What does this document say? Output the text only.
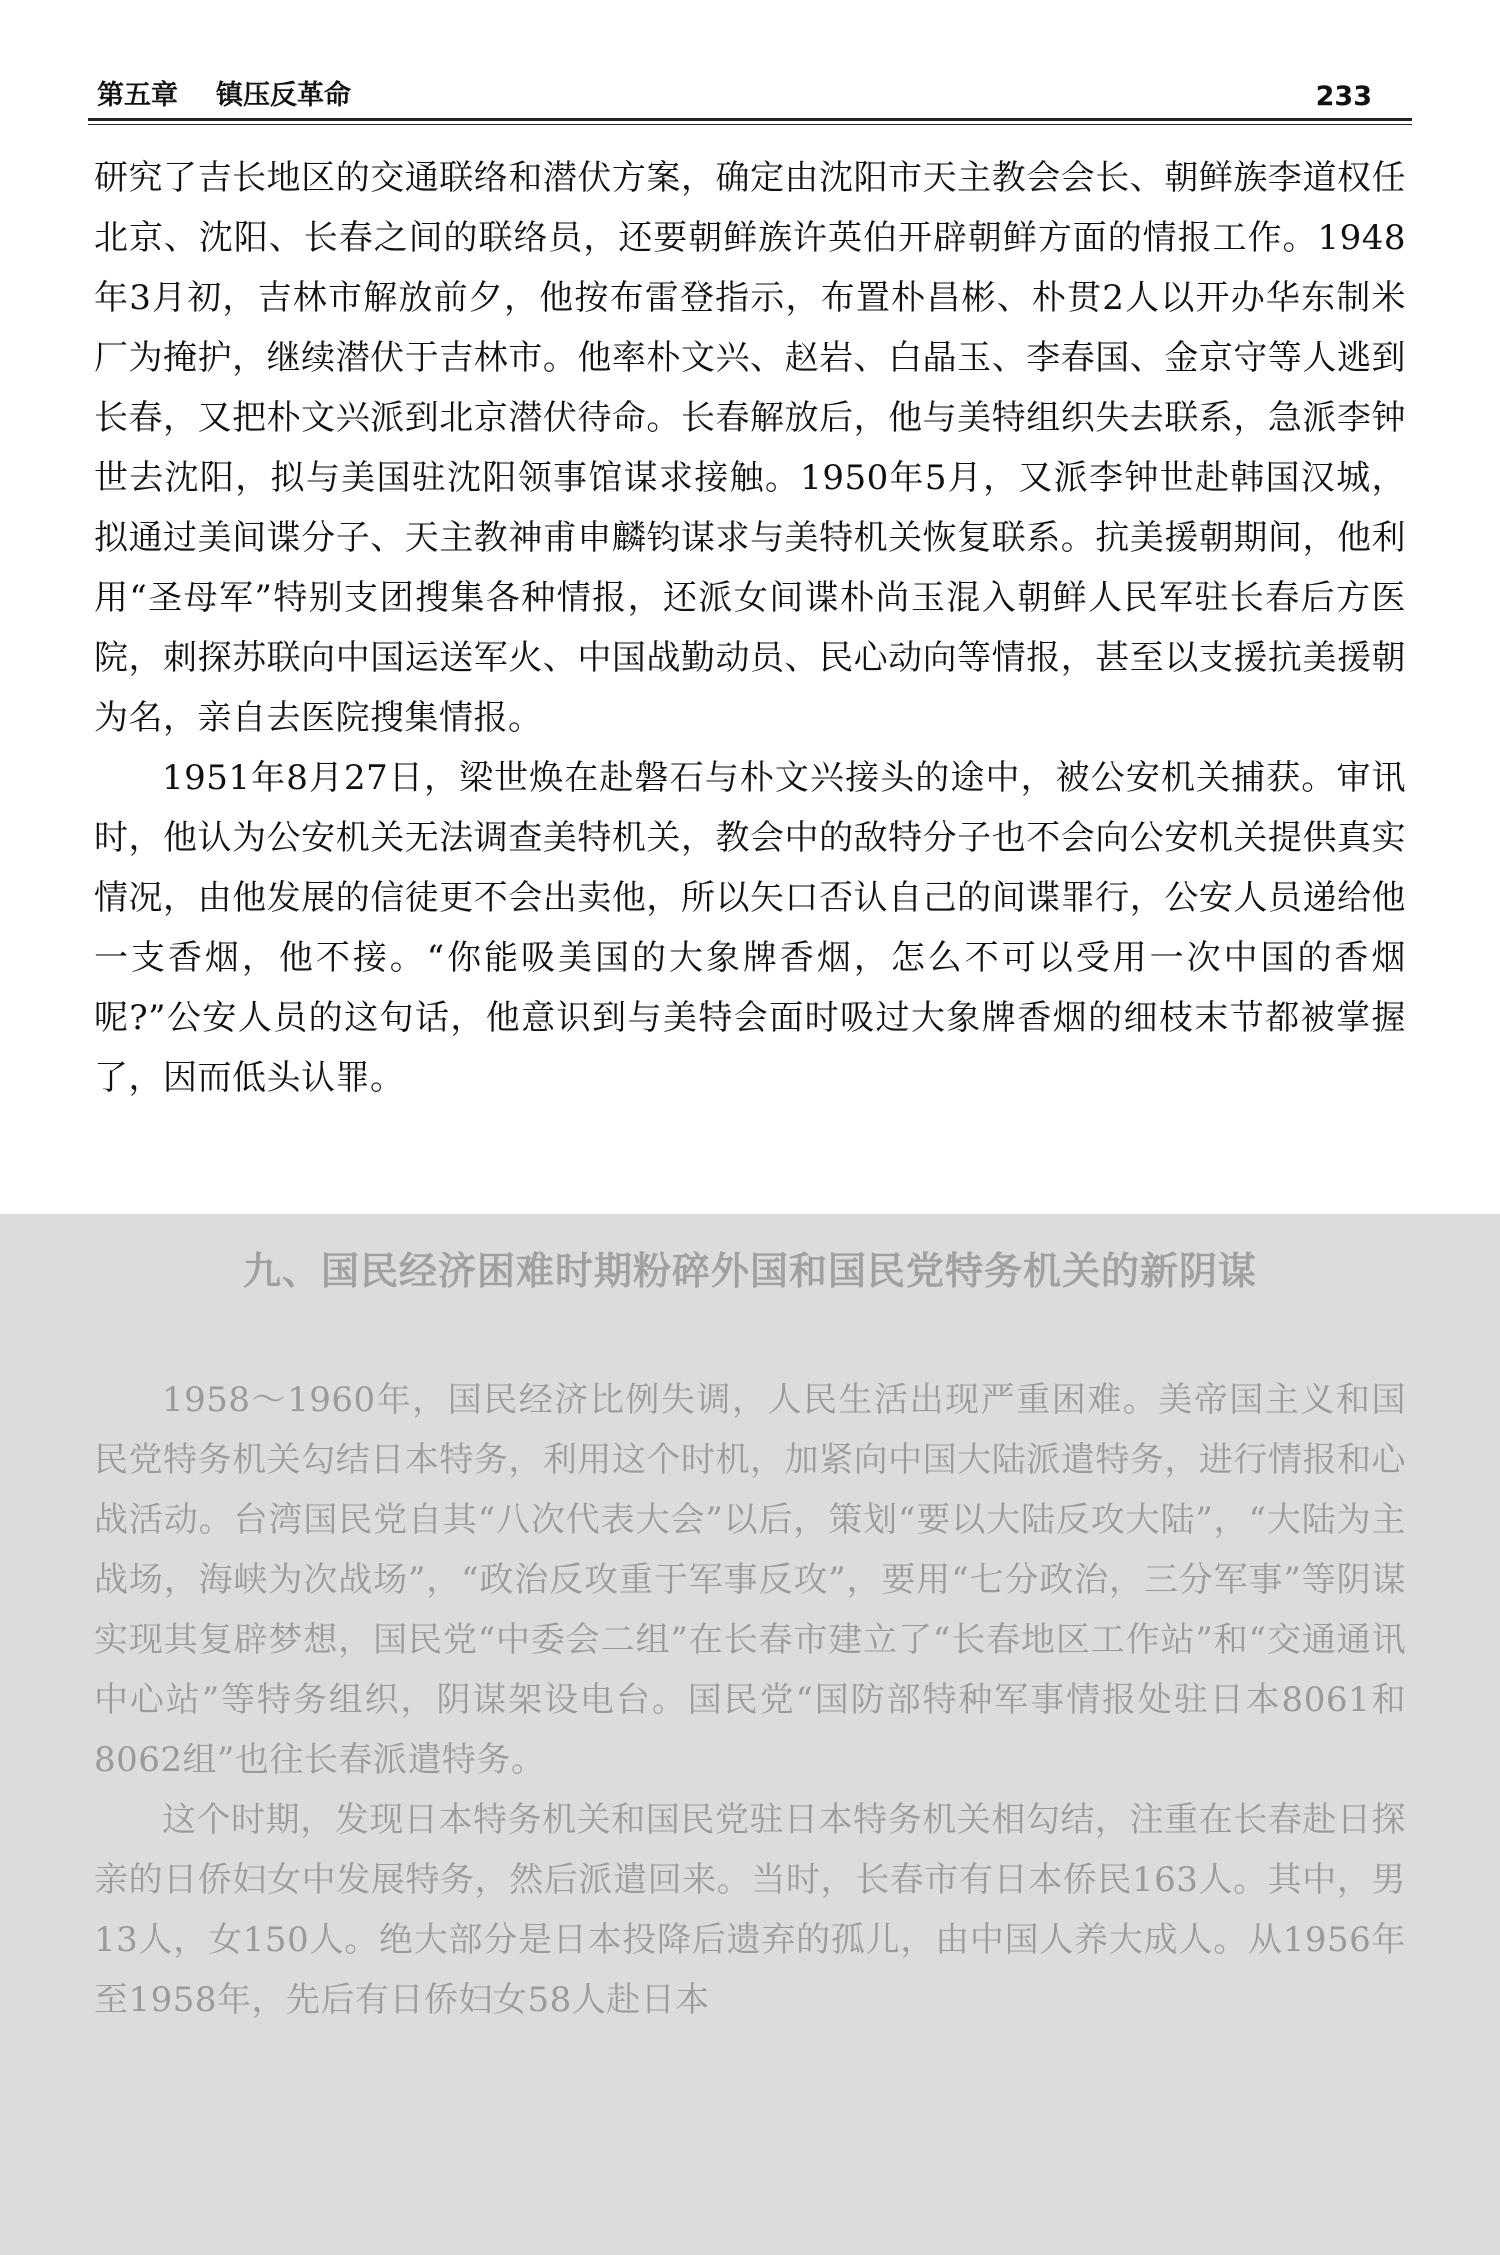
第五章 镇压反革命	233

研究了吉长地区的交通联络和潜伏方案，确定由沈阳市天主教会会长、朝鲜族李道权任北京、沈阳、长春之间的联络员，还要朝鲜族许英伯开辟朝鲜方面的情报工作。1948年3月初，吉林市解放前夕，他按布雷登指示，布置朴昌彬、朴贯2人以开办华东制米厂为掩护，继续潜伏于吉林市。他率朴文兴、赵岩、白晶玉、李春国、金京守等人逃到长春，又把朴文兴派到北京潜伏待命。长春解放后，他与美特组织失去联系，急派李钟世去沈阳，拟与美国驻沈阳领事馆谋求接触。1950年5月，又派李钟世赴韩国汉城，拟通过美间谍分子、天主教神甫申麟钧谋求与美特机关恢复联系。抗美援朝期间，他利用“圣母军”特别支团搜集各种情报，还派女间谍朴尚玉混入朝鲜人民军驻长春后方医院，刺探苏联向中国运送军火、中国战勤动员、民心动向等情报，甚至以支援抗美援朝为名，亲自去医院搜集情报。

1951年8月27日，梁世焕在赴磐石与朴文兴接头的途中，被公安机关捕获。审讯时，他认为公安机关无法调查美特机关，教会中的敌特分子也不会向公安机关提供真实情况，由他发展的信徒更不会出卖他，所以矢口否认自己的间谍罪行，公安人员递给他一支香烟，他不接。“你能吸美国的大象牌香烟，怎么不可以受用一次中国的香烟呢?”公安人员的这句话，他意识到与美特会面时吸过大象牌香烟的细枝末节都被掌握了，因而低头认罪。

九、国民经济困难时期粉碎外国和国民党特务机关的新阴谋

1958～1960年，国民经济比例失调，人民生活出现严重困难。美帝国主义和国民党特务机关勾结日本特务，利用这个时机，加紧向中国大陆派遣特务，进行情报和心战活动。台湾国民党自其“八次代表大会”以后，策划“要以大陆反攻大陆”，“大陆为主战场，海峡为次战场”，“政治反攻重于军事反攻”，要用“七分政治，三分军事”等阴谋实现其复辟梦想，国民党“中委会二组”在长春市建立了“长春地区工作站”和“交通通讯中心站”等特务组织，阴谋架设电台。国民党“国防部特种军事情报处驻日本8061和8062组”也往长春派遣特务。

这个时期，发现日本特务机关和国民党驻日本特务机关相勾结，注重在长春赴日探亲的日侨妇女中发展特务，然后派遣回来。当时，长春市有日本侨民163人。其中，男13人，女150人。绝大部分是日本投降后遗弃的孤儿，由中国人养大成人。从1956年至1958年，先后有日侨妇女58人赴日本
